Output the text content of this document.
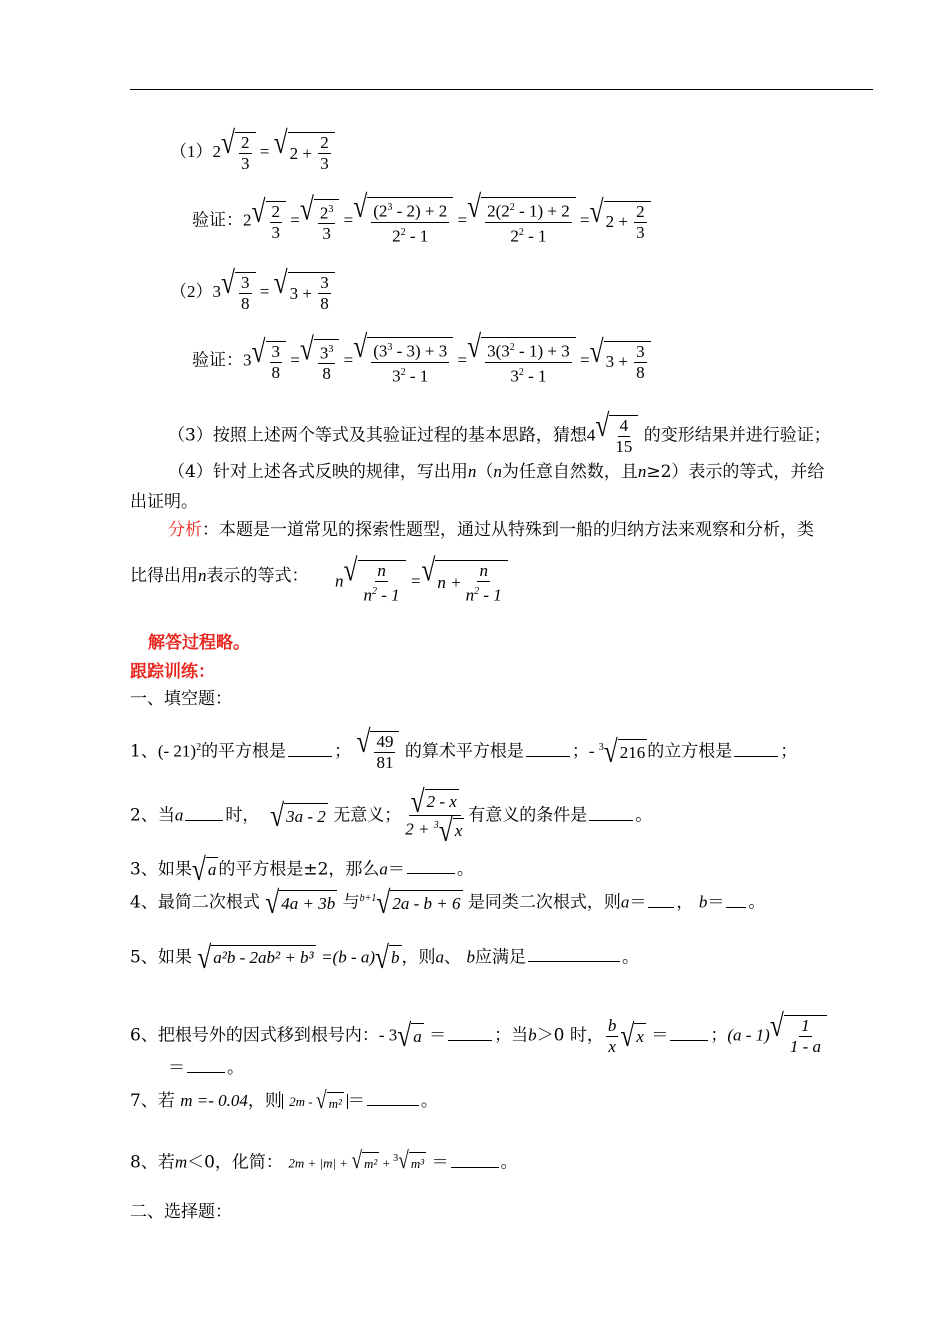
（1）2 √ $\frac{2}{3}$ = √ 2
+
$\frac{2}{3}$
验证：2 √ $\frac{2}{3}$ = √ $\frac{2^3}{3}$ = √ $\frac{(2^3 - 2) + 2}{2^2 - 1}$ = √ $\frac{2(2^2 - 1) + 2}{2^2 - 1}$ = √ $2 + \frac{2}{3}$
（2）3 √ $\frac{3}{8}$ = √ 3
+
$\frac{3}{8}$
验证：3 √ $\frac{3}{8}$ = √ $\frac{3^3}{8}$ = √ $\frac{(3^3 - 3) + 3}{3^2 - 1}$ = √ $\frac{3(3^2 - 1) + 3}{3^2 - 1}$ = √ $3 + \frac{3}{8}$
（3）按照上述两个等式及其验证过程的基本思路，猜想4 √ $\frac{4}{15}$ 的变形结果并进行验证；
（4）针对上述各式反映的规律，写出用n（n为任意自然数，且n≥2）表示的等式，并给
出证明。
分析：本题是一道常见的探索性题型，通过从特殊到一船的归纳方法来观察和分析，类
比得出用n表示的等式： n √ $\frac{n}{n^2 - 1}$ = √ $n + \frac{n}{n^2 - 1}$
解答过程略。
跟踪训练：
一、填空题：
1、(- 21)$^2$的平方根是	； √ $\frac{49}{81}$ 的算术平方根是	；- $^3$ √ 216 的立方根是	；
2、当a 时， √ 3a - 2 无意义； $\frac{√ 2 - x}{2 + ^3 √ x}$ 有意义的条件是	。
3、如果 √ a 的平方根是±2，那么a＝	。
4、最简二次根式 √ 4a + 3b 与$^{b+1}$ √ 2a - b + 6 是同类二次根式，则a＝ ， b＝ 。
5、如果 √ a²b - 2ab² + b³ =(b - a) √ b ，则a、 b应满足	。
6、把根号外的因式移到根号内：- 3 √ a ＝	；当b＞0 时， $\frac{b}{x}$ √ x ＝ ；(a - 1) √ $\frac{1}{1 - a}$
＝ 。
7、若 m =- 0.04，则 2m - √ m² ＝	。
8、若m＜0，化简： 2m + |m| + √ m² + $^3$ √ m³ ＝	。
二、选择题：
